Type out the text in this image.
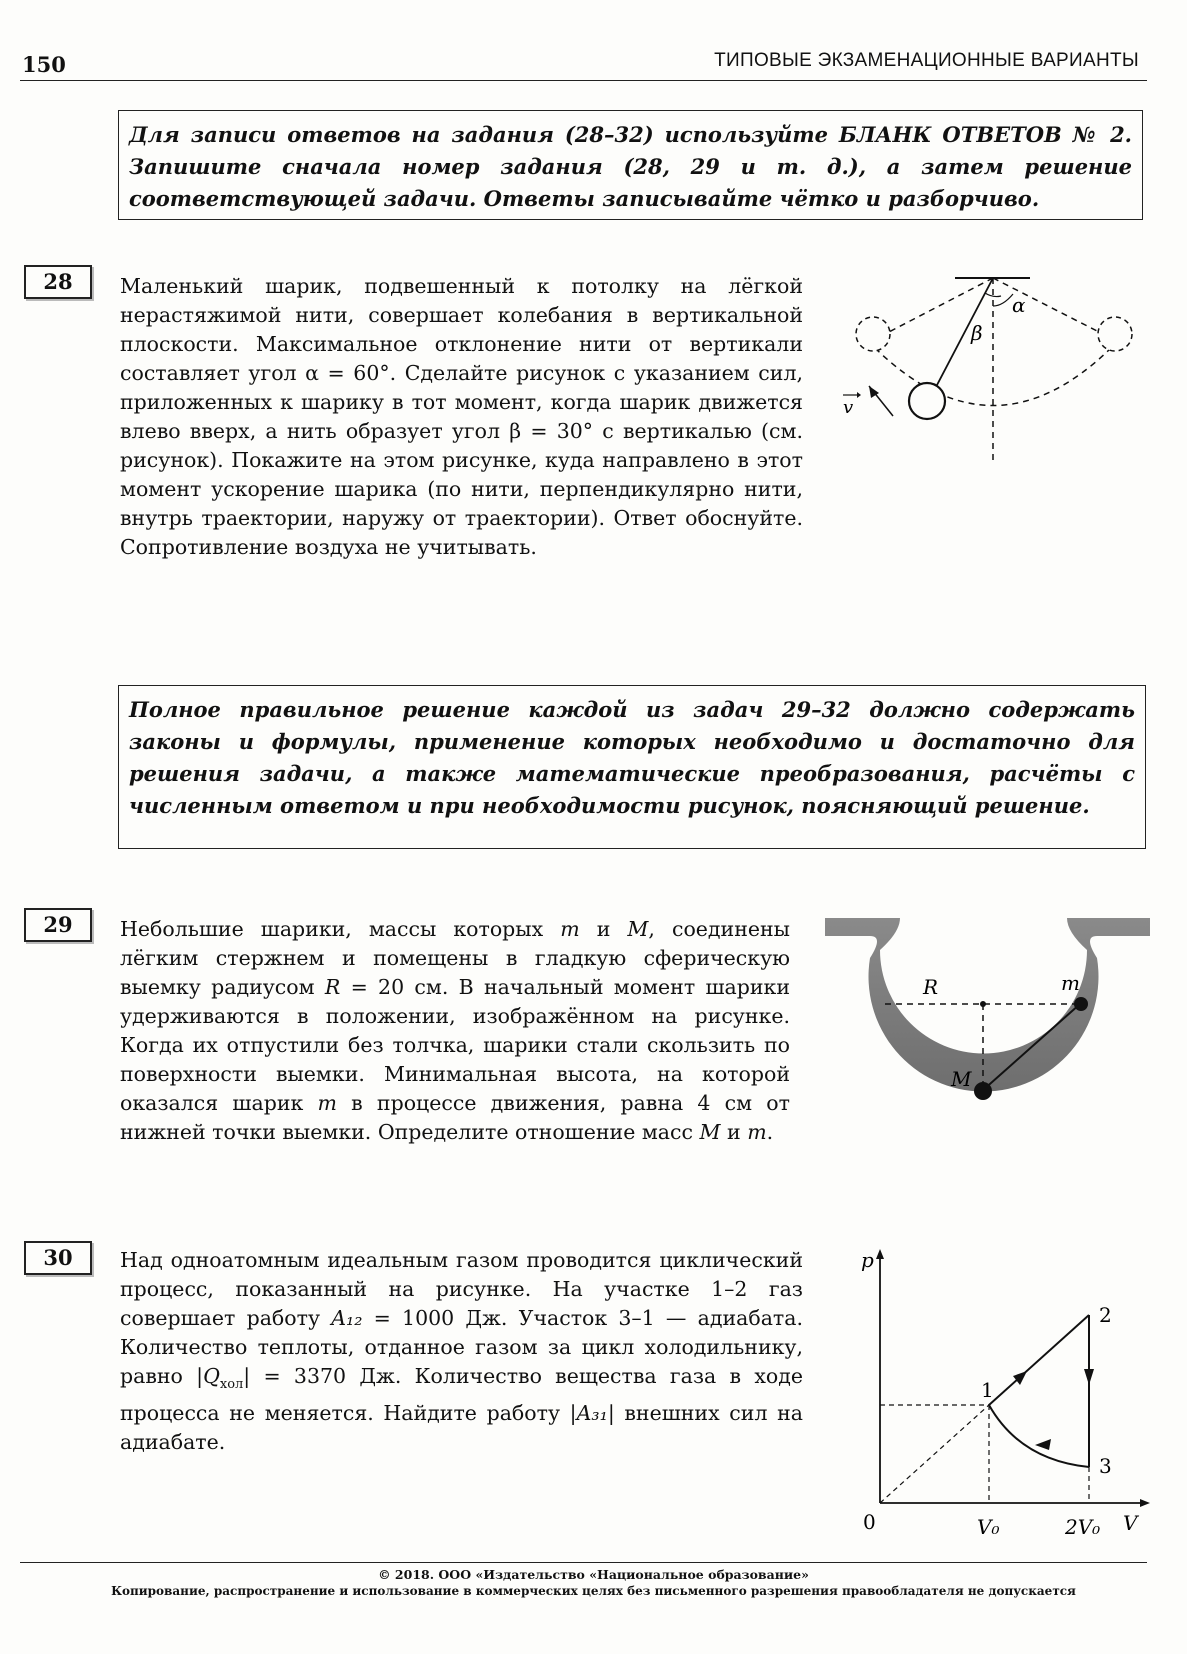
150	ТИПОВЫЕ ЭКЗАМЕНАЦИОННЫЕ ВАРИАНТЫ
Для записи ответов на задания (28–32) используйте БЛАНК ОТВЕТОВ № 2. Запишите сначала номер задания (28, 29 и т. д.), а затем решение соответствующей задачи. Ответы записывайте чётко и разборчиво.
28	Маленький шарик, подвешенный к потолку на лёгкой нерастяжимой нити, совершает колебания в вертикальной плоскости. Максимальное отклонение нити от вертикали составляет угол α = 60°. Сделайте рисунок с указанием сил, приложенных к шарику в тот момент, когда шарик движется влево вверх, а нить образует угол β = 30° с вертикалью (см. рисунок). Покажите на этом рисунке, куда направлено в этот момент ускорение шарика (по нити, перпендикулярно нити, внутрь траектории, наружу от траектории). Ответ обоснуйте. Сопротивление воздуха не учитывать.
α
β
v
Полное правильное решение каждой из задач 29–32 должно содержать законы и формулы, применение которых необходимо и достаточно для решения задачи, а также математические преобразования, расчёты с численным ответом и при необходимости рисунок, поясняющий решение.
29	Небольшие шарики, массы которых m и M, соединены лёгким стержнем и помещены в гладкую сферическую выемку радиусом R = 20 см. В начальный момент шарики удерживаются в положении, изображённом на рисунке. Когда их отпустили без толчка, шарики стали скользить по поверхности выемки. Минимальная высота, на которой оказался шарик m в процессе движения, равна 4 см от нижней точки выемки. Определите отношение масс M и m.
R	m
M
30	Над одноатомным идеальным газом проводится циклический процесс, показанный на рисунке. На участке 1–2 газ совершает работу A₁₂ = 1000 Дж. Участок 3–1 — адиабата. Количество теплоты, отданное газом за цикл холодильнику, равно $|Q_{хол}| = 3370$ Дж. Количество вещества газа в ходе процесса не меняется. Найдите работу |A₃₁| внешних сил на адиабате.
p
V
0	V₀	2V₀
1
2
3
© 2018. ООО «Издательство «Национальное образование»
Копирование, распространение и использование в коммерческих целях без письменного разрешения правообладателя не допускается
